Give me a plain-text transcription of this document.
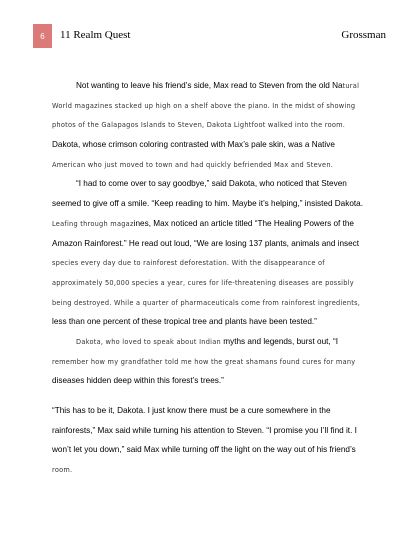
6 11 Realm Quest	Grossman
Not wanting to leave his friend’s side, Max read to Steven from the old Natural
World magazines stacked up high on a shelf above the piano. In the midst of showing
photos of the Galapagos Islands to Steven, Dakota Lightfoot walked into the room.
Dakota, whose crimson coloring contrasted with Max’s pale skin, was a Native
American who just moved to town and had quickly befriended Max and Steven.
“I had to come over to say goodbye,” said Dakota, who noticed that Steven
seemed to give off a smile. “Keep reading to him. Maybe it’s helping,” insisted Dakota.
Leafing through magazines, Max noticed an article titled “The Healing Powers of the
Amazon Rainforest.” He read out loud, “We are losing 137 plants, animals and insect
species every day due to rainforest deforestation. With the disappearance of
approximately 50,000 species a year, cures for life-threatening diseases are possibly
being destroyed. While a quarter of pharmaceuticals come from rainforest ingredients,
less than one percent of these tropical tree and plants have been tested.”
Dakota, who loved to speak about Indian myths and legends, burst out, “I
remember how my grandfather told me how the great shamans found cures for many
diseases hidden deep within this forest’s trees.”
“This has to be it, Dakota. I just know there must be a cure somewhere in the
rainforests,” Max said while turning his attention to Steven. “I promise you I’ll find it. I
won’t let you down,” said Max while turning off the light on the way out of his friend’s
room.
